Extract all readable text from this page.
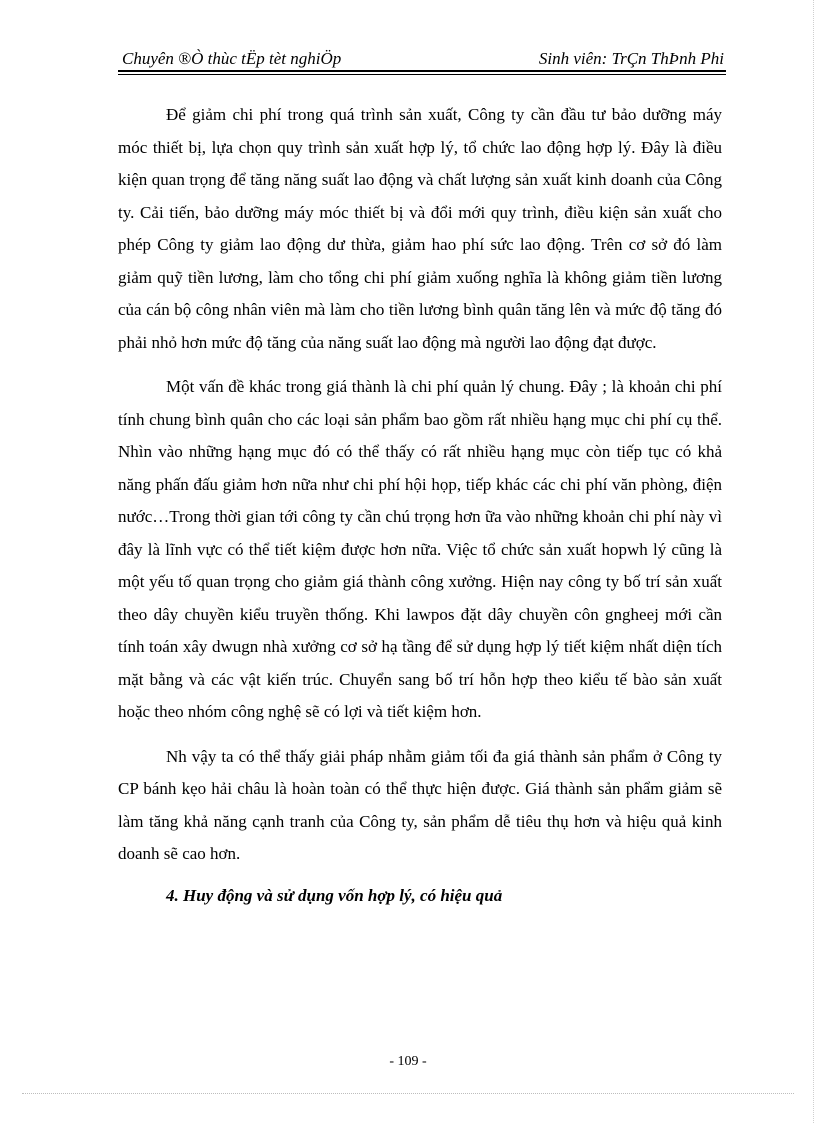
Chuyên ®Ò thùc tËp tèt nghiÖp	Sinh viên: TrÇn ThÞnh Phi

Để giảm chi phí trong quá trình sản xuất, Công ty cần đầu tư bảo dưỡng máy móc thiết bị, lựa chọn quy trình sản xuất hợp lý, tổ chức lao động hợp lý. Đây là điều kiện quan trọng để tăng năng suất lao động và chất lượng sản xuất kinh doanh của Công ty. Cải tiến, bảo dưỡng máy móc thiết bị và đổi mới quy trình, điều kiện sản xuất cho phép Công ty giảm lao động dư thừa, giảm hao phí sức lao động. Trên cơ sở đó làm giảm quỹ tiền lương, làm cho tổng chi phí giảm xuống nghĩa là không giảm tiền lương của cán bộ công nhân viên mà làm cho tiền lương bình quân tăng lên và mức độ tăng đó phải nhỏ hơn mức độ tăng của năng suất lao động mà người lao động đạt được.

Một vấn đề khác trong giá thành là chi phí quản lý chung. Đây ; là khoản chi phí tính chung bình quân cho các loại sản phẩm bao gồm rất nhiều hạng mục chi phí cụ thể. Nhìn vào những hạng mục đó có thể thấy có rất nhiều hạng mục còn tiếp tục có khả năng phấn đấu giảm hơn nữa như chi phí hội họp, tiếp khác các chi phí văn phòng, điện nước…Trong thời gian tới công ty cần chú trọng hơn ữa vào những khoản chi phí này vì đây là lĩnh vực có thể tiết kiệm được hơn nữa. Việc tổ chức sản xuất hopwh lý cũng là một yếu tố quan trọng cho giảm giá thành công xưởng. Hiện nay công ty bố trí sản xuất theo dây chuyền kiểu truyền thống. Khi lawpos đặt dây chuyền côn gngheej mới cần tính toán xây dwugn nhà xưởng cơ sở hạ tầng để sử dụng hợp lý tiết kiệm nhất diện tích mặt bằng và các vật kiến trúc. Chuyển sang bố trí hỗn hợp theo kiểu tế bào sản xuất hoặc theo nhóm công nghệ sẽ có lợi và tiết kiệm hơn.

Nh vậy ta có thể thấy giải pháp nhằm giảm tối đa giá thành sản phẩm ở Công ty CP bánh kẹo hải châu là hoàn toàn có thể thực hiện được. Giá thành sản phẩm giảm sẽ làm tăng khả năng cạnh tranh của Công ty, sản phẩm dễ tiêu thụ hơn và hiệu quả kinh doanh sẽ cao hơn.

4. Huy động và sử dụng vốn hợp lý, có hiệu quả

- 109 -
